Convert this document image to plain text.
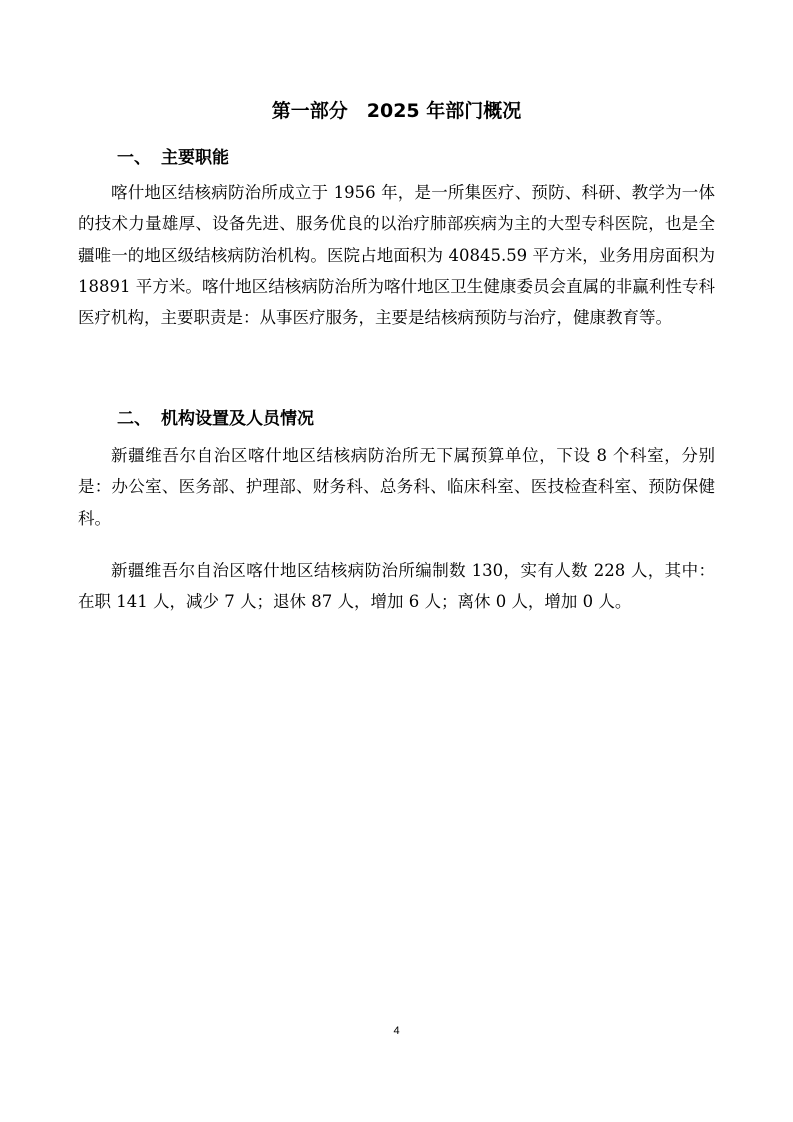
第一部分　2025 年部门概况
一、 主要职能

喀什地区结核病防治所成立于 1956 年，是一所集医疗、预防、科研、教学为一体的技术力量雄厚、设备先进、服务优良的以治疗肺部疾病为主的大型专科医院，也是全疆唯一的地区级结核病防治机构。医院占地面积为 40845.59 平方米，业务用房面积为 18891 平方米。喀什地区结核病防治所为喀什地区卫生健康委员会直属的非赢利性专科医疗机构，主要职责是：从事医疗服务，主要是结核病预防与治疗，健康教育等。

二、 机构设置及人员情况

新疆维吾尔自治区喀什地区结核病防治所无下属预算单位，下设 8 个科室，分别是：办公室、医务部、护理部、财务科、总务科、临床科室、医技检查科室、预防保健科。

新疆维吾尔自治区喀什地区结核病防治所编制数 130，实有人数 228 人，其中：在职 141 人，减少 7 人；退休 87 人，增加 6 人；离休 0 人，增加 0 人。

4
